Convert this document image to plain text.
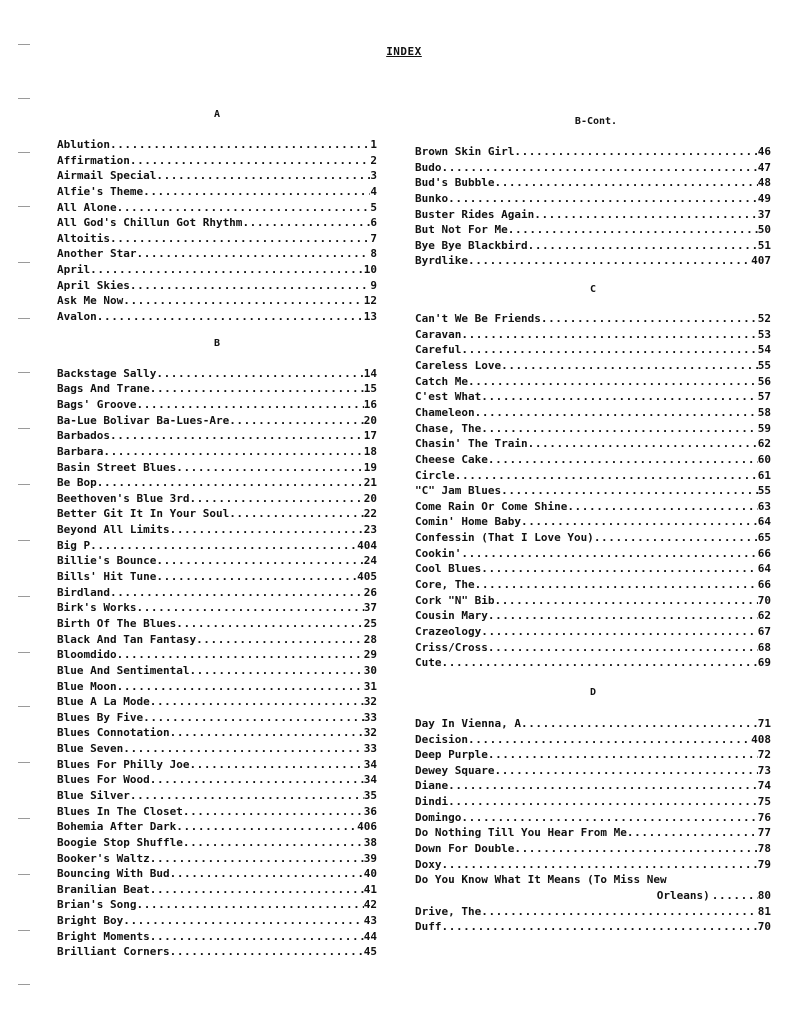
INDEX
A
Ablution .....	1
Affirmation .....	2
Airmail Special .....	3
Alfie's Theme .....	4
All Alone .....	5
All God's Chillun Got Rhythm .....	6
Altoitis .....	7
Another Star .....	8
April .....	10
April Skies .....	9
Ask Me Now .....	12
Avalon .....	13
B
Backstage Sally .....	14
Bags And Trane .....	15
Bags' Groove .....	16
Ba-Lue Bolivar Ba-Lues-Are .....	20
Barbados .....	17
Barbara .....	18
Basin Street Blues .....	19
Be Bop .....	21
Beethoven's Blue 3rd .....	20
Better Git It In Your Soul .....	22
Beyond All Limits .....	23
Big P .....	404
Billie's Bounce .....	24
Bills' Hit Tune .....	405
Birdland .....	26
Birk's Works .....	37
Birth Of The Blues .....	25
Black And Tan Fantasy .....	28
Bloomdido .....	29
Blue And Sentimental .....	30
Blue Moon .....	31
Blue A La Mode .....	32
Blues By Five .....	33
Blues Connotation .....	32
Blue Seven .....	33
Blues For Philly Joe .....	34
Blues For Wood .....	34
Blue Silver .....	35
Blues In The Closet .....	36
Bohemia After Dark .....	406
Boogie Stop Shuffle .....	38
Booker's Waltz .....	39
Bouncing With Bud .....	40
Branilian Beat .....	41
Brian's Song .....	42
Bright Boy .....	43
Bright Moments .....	44
Brilliant Corners .....	45
B-Cont.
Brown Skin Girl .....	46
Budo .....	47
Bud's Bubble .....	48
Bunko .....	49
Buster Rides Again .....	37
But Not For Me .....	50
Bye Bye Blackbird .....	51
Byrdlike .....	407
C
Can't We Be Friends .....	52
Caravan .....	53
Careful .....	54
Careless Love .....	55
Catch Me .....	56
C'est What .....	57
Chameleon .....	58
Chase, The .....	59
Chasin' The Train .....	62
Cheese Cake .....	60
Circle .....	61
"C" Jam Blues .....	55
Come Rain Or Come Shine .....	63
Comin' Home Baby .....	64
Confessin (That I Love You) .....	65
Cookin' .....	66
Cool Blues .....	64
Core, The .....	66
Cork "N" Bib .....	70
Cousin Mary .....	62
Crazeology .....	67
Criss/Cross .....	68
Cute .....	69
D
Day In Vienna, A .....	71
Decision .....	408
Deep Purple .....	72
Dewey Square .....	73
Diane .....	74
Dindi .....	75
Domingo .....	76
Do Nothing Till You Hear From Me .....	77
Down For Double .....	78
Doxy .....	79
Do You Know What It Means (To Miss New
Orleans) .....	80
Drive, The .....	81
Duff .....	70
